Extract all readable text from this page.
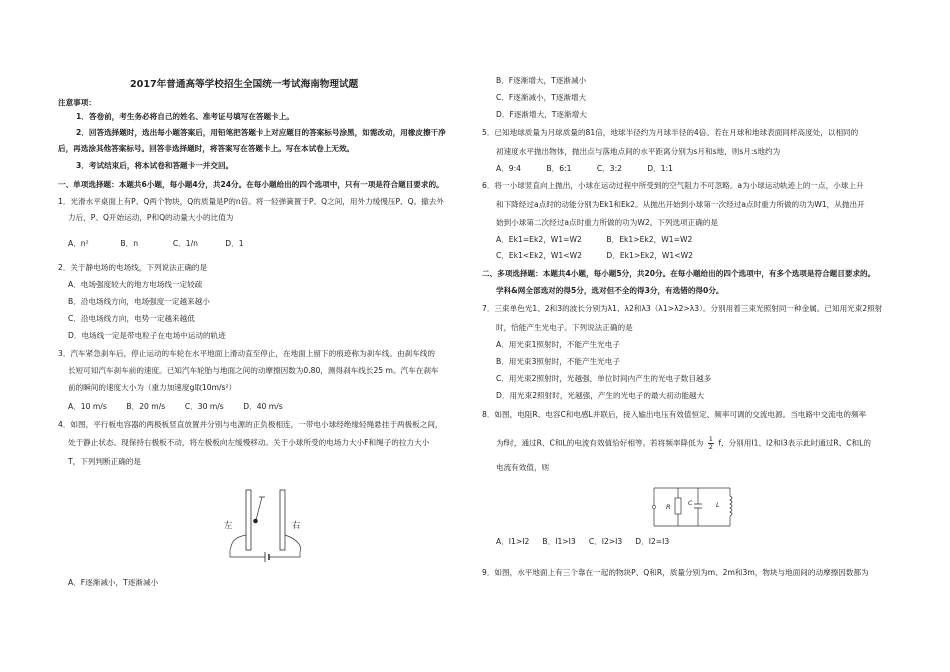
2017年普通高等学校招生全国统一考试海南物理试题
注意事项：
1．答卷前，考生务必将自己的姓名、准考证号填写在答题卡上。
2．回答选择题时，选出每小题答案后，用铅笔把答题卡上对应题目的答案标号涂黑，如需改动，用橡皮擦干净
后，再选涂其他答案标号。回答非选择题时，将答案写在答题卡上。写在本试卷上无效。
3．考试结束后，将本试卷和答题卡一并交回。
一、单项选择题：本题共6小题，每小题4分，共24分。在每小题给出的四个选项中，只有一项是符合题目要求的。
1．光滑水平桌面上有P、Q两个物块，Q的质量是P的n倍。将一轻弹簧置于P、Q之间，用外力缓慢压P、Q。撤去外
力后，P、Q开始运动，P和Q的动量大小的比值为
A．n²	B．n	C．1/n	D．1
2．关于静电场的电场线，下列说法正确的是
A．电场强度较大的地方电场线一定较疏
B．沿电场线方向，电场强度一定越来越小
C．沿电场线方向，电势一定越来越低
D．电场线一定是带电粒子在电场中运动的轨迹
3．汽车紧急刹车后，停止运动的车轮在水平地面上滑动直至停止，在地面上留下的痕迹称为刹车线。由刹车线的
长短可知汽车刹车前的速度。已知汽车轮胎与地面之间的动摩擦因数为0.80，测得刹车线长25 m。汽车在刹车
前的瞬间的速度大小为（重力加速度g取10m/s²）
A．10 m/s	B．20 m/s	C．30 m/s	D．40 m/s
4．如图，平行板电容器的两极板竖直放置并分别与电源的正负极相连，一带电小球经绝缘轻绳悬挂于两极板之间，
处于静止状态。现保持右极板不动，将左极板向左缓慢移动。关于小球所受的电场力大小F和绳子的拉力大小
T，下列判断正确的是
左	右
A．F逐渐减小，T逐渐减小
B．F逐渐增大，T逐渐减小
C．F逐渐减小，T逐渐增大
D．F逐渐增大，T逐渐增大
5．已知地球质量为月球质量的81倍，地球半径约为月球半径的4倍。若在月球和地球表面同样高度处，以相同的
初速度水平抛出物体，抛出点与落地点间的水平距离分别为s月和s地，则s月:s地约为
A．9:4	B．6:1	C．3:2	D．1:1
6．将一小球竖直向上抛出，小球在运动过程中所受到的空气阻力不可忽略。a为小球运动轨迹上的一点，小球上升
和下降经过a点时的动能分别为Ek1和Ek2。从抛出开始到小球第一次经过a点时重力所做的功为W1，从抛出开
始到小球第二次经过a点时重力所做的功为W2。下列选项正确的是
A．Ek1=Ek2，W1=W2	B．Ek1>Ek2，W1=W2
C．Ek1<Ek2，W1<W2	D．Ek1>Ek2，W1<W2
二、多项选择题：本题共4小题，每小题5分，共20分。在每小题给出的四个选项中，有多个选项是符合题目要求的。
学科&网全部选对的得5分，选对但不全的得3分，有选错的得0分。
7．三束单色光1、2和3的波长分别为λ1、λ2和λ3（λ1>λ2>λ3）。分别用着三束光照射同一种金属。已知用光束2照射
时，恰能产生光电子。下列说法正确的是
A．用光束1照射时，不能产生光电子
B．用光束3照射时，不能产生光电子
C．用光束2照射时，光越强，单位时间内产生的光电子数目越多
D．用光束2照射时，光越强，产生的光电子的最大初动能越大
8．如图，电阻R、电容C和电感L并联后，接入输出电压有效值恒定、频率可调的交流电源。当电路中交流电的频率
为f时，通过R、C和L的电流有效值恰好相等。若将频率降低为 $\frac{1}{2}$ f，分别用I1、I2和I3表示此时通过R、C和L的
电流有效值，则
R	C	L
A．I1>I2 B．I1>I3 C．I2>I3 D．I2=I3
9．如图，水平地面上有三个靠在一起的物块P、Q和R，质量分别为m、2m和3m，物块与地面间的动摩擦因数都为
